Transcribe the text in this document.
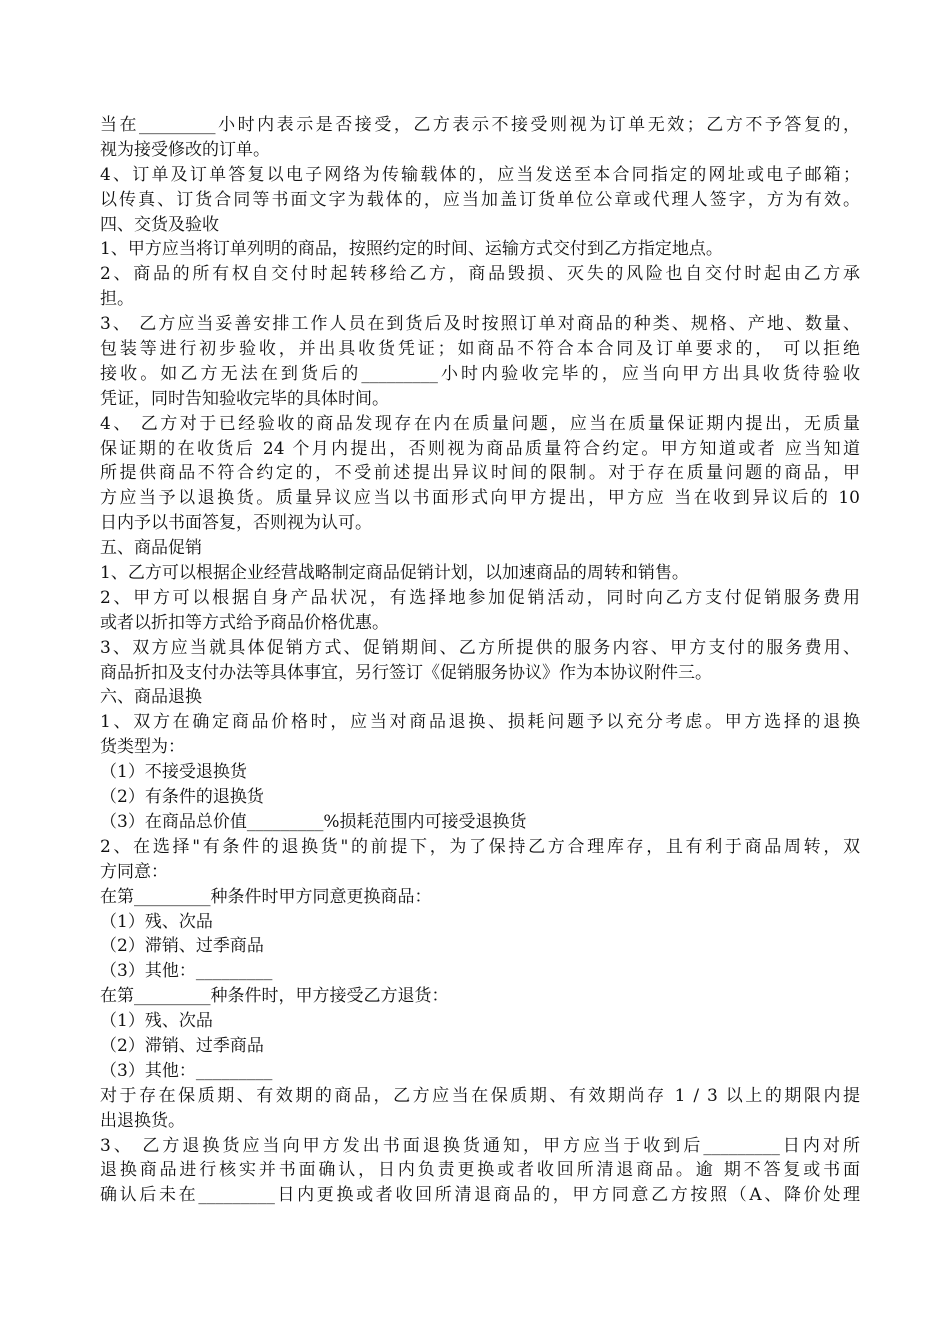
当在_________小时内表示是否接受，乙方表示不接受则视为订单无效；乙方不予答复的，
视为接受修改的订单。
4、订单及订单答复以电子网络为传输载体的，应当发送至本合同指定的网址或电子邮箱；
以传真、订货合同等书面文字为载体的，应当加盖订货单位公章或代理人签字，方为有效。
四、交货及验收
1、甲方应当将订单列明的商品，按照约定的时间、运输方式交付到乙方指定地点。
2、商品的所有权自交付时起转移给乙方，商品毁损、灭失的风险也自交付时起由乙方承
担。
3、 乙方应当妥善安排工作人员在到货后及时按照订单对商品的种类、规格、产地、数量、
包装等进行初步验收，并出具收货凭证；如商品不符合本合同及订单要求的， 可以拒绝
接收。如乙方无法在到货后的_________小时内验收完毕的，应当向甲方出具收货待验收
凭证，同时告知验收完毕的具体时间。
4、 乙方对于已经验收的商品发现存在内在质量问题，应当在质量保证期内提出，无质量
保证期的在收货后 24 个月内提出，否则视为商品质量符合约定。甲方知道或者 应当知道
所提供商品不符合约定的，不受前述提出异议时间的限制。对于存在质量问题的商品，甲
方应当予以退换货。质量异议应当以书面形式向甲方提出，甲方应 当在收到异议后的 10
日内予以书面答复，否则视为认可。
五、商品促销
1、乙方可以根据企业经营战略制定商品促销计划，以加速商品的周转和销售。
2、甲方可以根据自身产品状况，有选择地参加促销活动，同时向乙方支付促销服务费用
或者以折扣等方式给予商品价格优惠。
3、双方应当就具体促销方式、促销期间、乙方所提供的服务内容、甲方支付的服务费用、
商品折扣及支付办法等具体事宜，另行签订《促销服务协议》作为本协议附件三。
六、商品退换
1、双方在确定商品价格时，应当对商品退换、损耗问题予以充分考虑。甲方选择的退换
货类型为：
（1）不接受退换货
（2）有条件的退换货
（3）在商品总价值_________%损耗范围内可接受退换货
2、在选择"有条件的退换货"的前提下，为了保持乙方合理库存，且有利于商品周转，双
方同意：
在第_________种条件时甲方同意更换商品：
（1）残、次品
（2）滞销、过季商品
（3）其他：_________
在第_________种条件时，甲方接受乙方退货：
（1）残、次品
（2）滞销、过季商品
（3）其他：_________
对于存在保质期、有效期的商品，乙方应当在保质期、有效期尚存 1 / 3 以上的期限内提
出退换货。
3、 乙方退换货应当向甲方发出书面退换货通知，甲方应当于收到后_________日内对所
退换商品进行核实并书面确认，日内负责更换或者收回所清退商品。逾 期不答复或书面
确认后未在_________日内更换或者收回所清退商品的，甲方同意乙方按照（A、降价处理
